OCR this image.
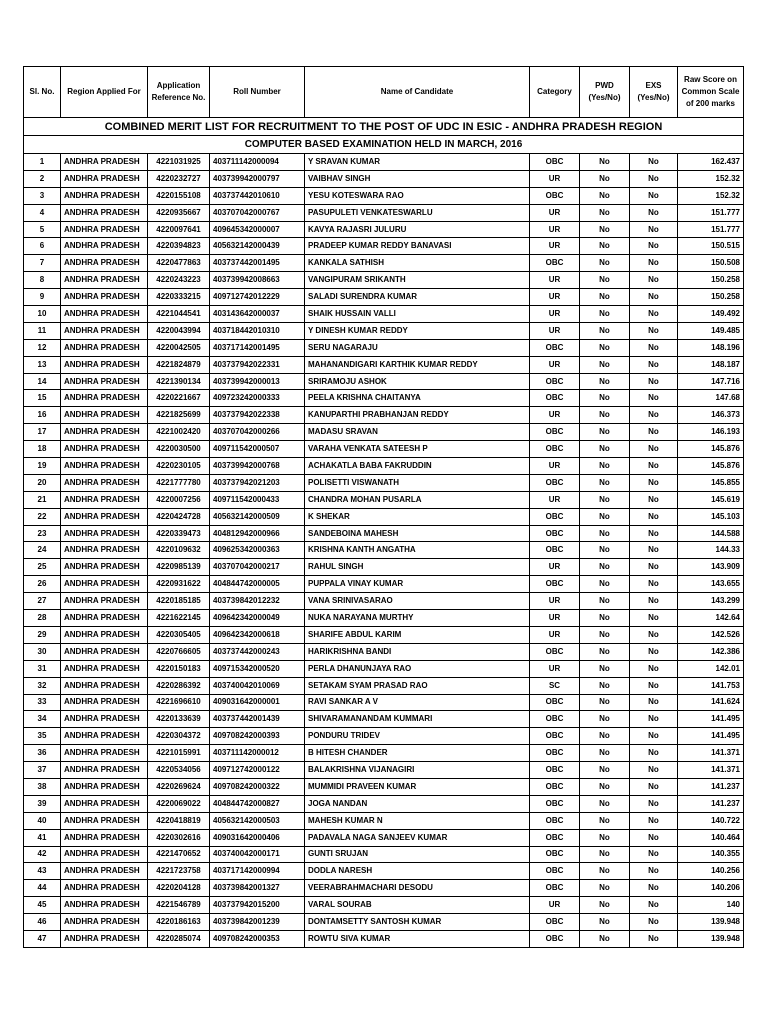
COMBINED MERIT LIST FOR RECRUITMENT TO THE POST OF UDC IN ESIC - ANDHRA PRADESH REGION								
COMPUTER BASED EXAMINATION HELD IN MARCH, 2016								
Sl. No.	Region Applied For	Application Reference No.	Roll Number	Name of Candidate	Category	PWD (Yes/No)	EXS (Yes/No)	Raw Score on Common Scale of 200 marks
1	ANDHRA PRADESH	4221031925	403711142000094	Y SRAVAN KUMAR	OBC	No	No	162.437
2	ANDHRA PRADESH	4220232727	403739942000797	VAIBHAV SINGH	UR	No	No	152.32
3	ANDHRA PRADESH	4220155108	403737442010610	YESU KOTESWARA RAO	OBC	No	No	152.32
4	ANDHRA PRADESH	4220935667	403707042000767	PASUPULETI VENKATESWARLU	UR	No	No	151.777
5	ANDHRA PRADESH	4220097641	409645342000007	KAVYA RAJASRI JULURU	UR	No	No	151.777
6	ANDHRA PRADESH	4220394823	405632142000439	PRADEEP KUMAR REDDY BANAVASI	UR	No	No	150.515
7	ANDHRA PRADESH	4220477863	403737442001495	KANKALA SATHISH	OBC	No	No	150.508
8	ANDHRA PRADESH	4220243223	403739942008663	VANGIPURAM SRIKANTH	UR	No	No	150.258
9	ANDHRA PRADESH	4220333215	409712742012229	SALADI SURENDRA KUMAR	UR	No	No	150.258
10	ANDHRA PRADESH	4221044541	403143642000037	SHAIK HUSSAIN VALLI	UR	No	No	149.492
11	ANDHRA PRADESH	4220043994	403718442010310	Y DINESH KUMAR REDDY	UR	No	No	149.485
12	ANDHRA PRADESH	4220042505	403717142001495	SERU NAGARAJU	OBC	No	No	148.196
13	ANDHRA PRADESH	4221824879	403737942022331	MAHANANDIGARI KARTHIK KUMAR REDDY	UR	No	No	148.187
14	ANDHRA PRADESH	4221390134	403739942000013	SRIRAMOJU ASHOK	OBC	No	No	147.716
15	ANDHRA PRADESH	4220221667	409723242000333	PEELA KRISHNA CHAITANYA	OBC	No	No	147.68
16	ANDHRA PRADESH	4221825699	403737942022338	KANUPARTHI PRABHANJAN REDDY	UR	No	No	146.373
17	ANDHRA PRADESH	4221002420	403707042000266	MADASU SRAVAN	OBC	No	No	146.193
18	ANDHRA PRADESH	4220030500	409711542000507	VARAHA VENKATA SATEESH P	OBC	No	No	145.876
19	ANDHRA PRADESH	4220230105	403739942000768	ACHAKATLA BABA FAKRUDDIN	UR	No	No	145.876
20	ANDHRA PRADESH	4221777780	403737942021203	POLISETTI VISWANATH	OBC	No	No	145.855
21	ANDHRA PRADESH	4220007256	409711542000433	CHANDRA MOHAN PUSARLA	UR	No	No	145.619
22	ANDHRA PRADESH	4220424728	405632142000509	K SHEKAR	OBC	No	No	145.103
23	ANDHRA PRADESH	4220339473	404812942000966	SANDEBOINA MAHESH	OBC	No	No	144.588
24	ANDHRA PRADESH	4220109632	409625342000363	KRISHNA KANTH ANGATHA	OBC	No	No	144.33
25	ANDHRA PRADESH	4220985139	403707042000217	RAHUL SINGH	UR	No	No	143.909
26	ANDHRA PRADESH	4220931622	404844742000005	PUPPALA VINAY KUMAR	OBC	No	No	143.655
27	ANDHRA PRADESH	4220185185	403739842012232	VANA SRINIVASARAO	UR	No	No	143.299
28	ANDHRA PRADESH	4221622145	409642342000049	NUKA NARAYANA MURTHY	UR	No	No	142.64
29	ANDHRA PRADESH	4220305405	409642342000618	SHARIFE ABDUL KARIM	UR	No	No	142.526
30	ANDHRA PRADESH	4220766605	403737442000243	HARIKRISHNA BANDI	OBC	No	No	142.386
31	ANDHRA PRADESH	4220150183	409715342000520	PERLA DHANUNJAYA RAO	UR	No	No	142.01
32	ANDHRA PRADESH	4220286392	403740042010069	SETAKAM SYAM PRASAD RAO	SC	No	No	141.753
33	ANDHRA PRADESH	4221696610	409031642000001	RAVI SANKAR A V	OBC	No	No	141.624
34	ANDHRA PRADESH	4220133639	403737442001439	SHIVARAMANANDAM KUMMARI	OBC	No	No	141.495
35	ANDHRA PRADESH	4220304372	409708242000393	PONDURU TRIDEV	OBC	No	No	141.495
36	ANDHRA PRADESH	4221015991	403711142000012	B HITESH CHANDER	OBC	No	No	141.371
37	ANDHRA PRADESH	4220534056	409712742000122	BALAKRISHNA VIJANAGIRI	OBC	No	No	141.371
38	ANDHRA PRADESH	4220269624	409708242000322	MUMMIDI PRAVEEN KUMAR	OBC	No	No	141.237
39	ANDHRA PRADESH	4220069022	404844742000827	JOGA NANDAN	OBC	No	No	141.237
40	ANDHRA PRADESH	4220418819	405632142000503	MAHESH KUMAR N	OBC	No	No	140.722
41	ANDHRA PRADESH	4220302616	409031642000406	PADAVALA NAGA SANJEEV KUMAR	OBC	No	No	140.464
42	ANDHRA PRADESH	4221470652	403740042000171	GUNTI SRUJAN	OBC	No	No	140.355
43	ANDHRA PRADESH	4221723758	403717142000994	DODLA NARESH	OBC	No	No	140.256
44	ANDHRA PRADESH	4220204128	403739842001327	VEERABRAHMACHARI DESODU	OBC	No	No	140.206
45	ANDHRA PRADESH	4221546789	403737942015200	VARAL SOURAB	UR	No	No	140
46	ANDHRA PRADESH	4220186163	403739842001239	DONTAMSETTY SANTOSH KUMAR	OBC	No	No	139.948
47	ANDHRA PRADESH	4220285074	409708242000353	ROWTU SIVA KUMAR	OBC	No	No	139.948
